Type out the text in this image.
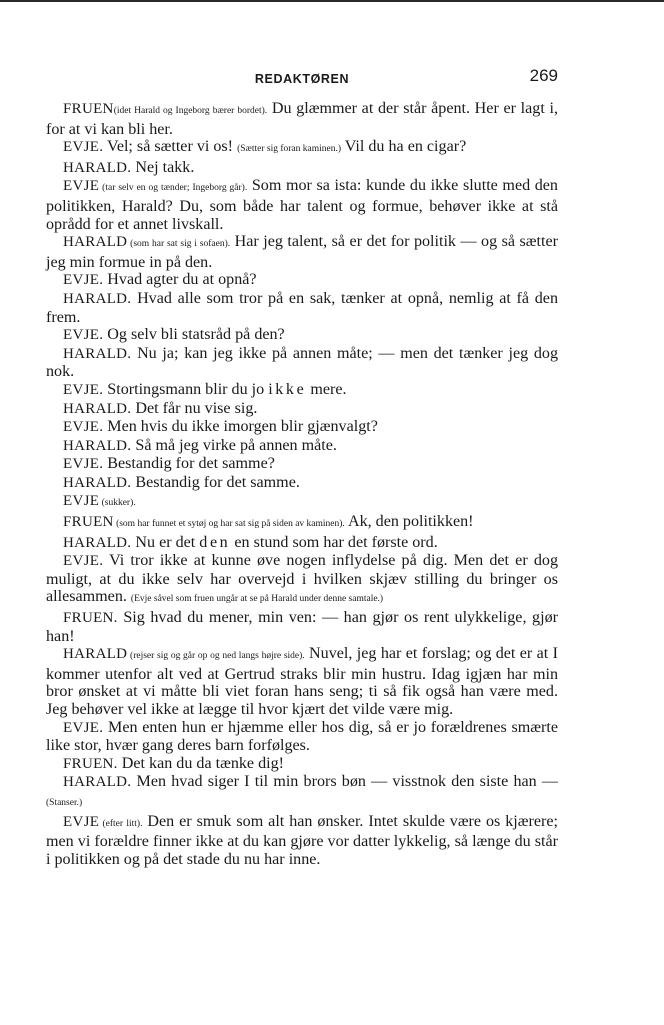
REDAKTØREN	269

FRUEN(idet Harald og Ingeborg bærer bordet). Du glæmmer at der står åpent. Her er lagt i, for at vi kan bli her.

EVJE. Vel; så sætter vi os! (Sætter sig foran kaminen.) Vil du ha en cigar?

HARALD. Nej takk.

EVJE (tar selv en og tænder; Ingeborg går). Som mor sa ista: kunde du ikke slutte med den politikken, Harald? Du, som både har talent og formue, behøver ikke at stå oprådd for et annet livskall.

HARALD (som har sat sig i sofaen). Har jeg talent, så er det for politik — og så sætter jeg min formue in på den.

EVJE. Hvad agter du at opnå?

HARALD. Hvad alle som tror på en sak, tænker at opnå, nemlig at få den frem.

EVJE. Og selv bli statsråd på den?

HARALD. Nu ja; kan jeg ikke på annen måte; — men det tænker jeg dog nok.

EVJE. Stortingsmann blir du jo ikke mere.

HARALD. Det får nu vise sig.

EVJE. Men hvis du ikke imorgen blir gjænvalgt?

HARALD. Så må jeg virke på annen måte.

EVJE. Bestandig for det samme?

HARALD. Bestandig for det samme.

EVJE (sukker).

FRUEN (som har funnet et sytøj og har sat sig på siden av kaminen). Ak, den politikken!

HARALD. Nu er det den en stund som har det første ord.

EVJE. Vi tror ikke at kunne øve nogen inflydelse på dig. Men det er dog muligt, at du ikke selv har overvejd i hvilken skjæv stilling du bringer os allesammen. (Evje såvel som fruen ungår at se på Harald under denne samtale.)

FRUEN. Sig hvad du mener, min ven: — han gjør os rent ulykkelige, gjør han!

HARALD (rejser sig og går op og ned langs højre side). Nuvel, jeg har et forslag; og det er at I kommer utenfor alt ved at Gertrud straks blir min hustru. Idag igjæn har min bror ønsket at vi måtte bli viet foran hans seng; ti så fik også han være med. Jeg behøver vel ikke at lægge til hvor kjært det vilde være mig.

EVJE. Men enten hun er hjæmme eller hos dig, så er jo forældrenes smærte like stor, hvær gang deres barn forfølges.

FRUEN. Det kan du da tænke dig!

HARALD. Men hvad siger I til min brors bøn — visstnok den siste han — (Stanser.)

EVJE (efter litt). Den er smuk som alt han ønsker. Intet skulde være os kjærere; men vi forældre finner ikke at du kan gjøre vor datter lykkelig, så længe du står i politikken og på det stade du nu har inne.
